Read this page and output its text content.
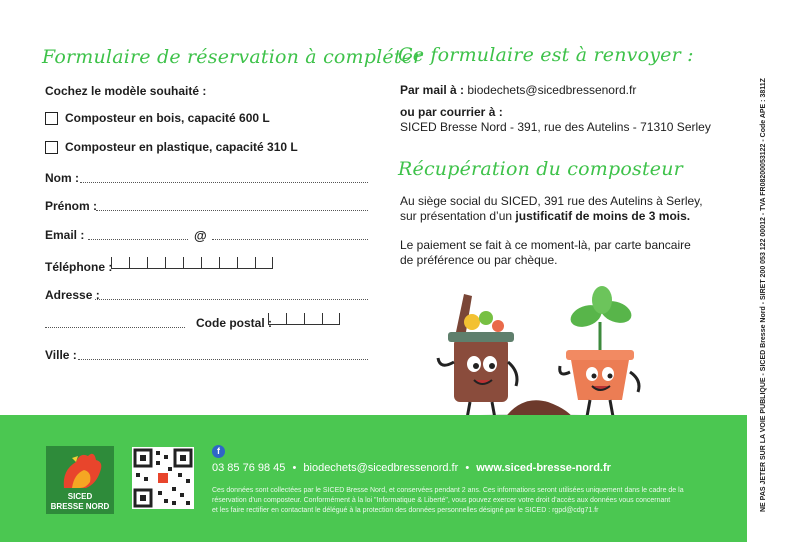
Formulaire de réservation à compléter
Cochez le modèle souhaité :
Composteur en bois, capacité 600 L
Composteur en plastique, capacité 310 L
Nom :
Prénom :
Email :	@
Téléphone :
Adresse :
Code postal :
Ville :
Ce formulaire est à renvoyer :
Par mail à : biodechets@sicedbressenord.fr
ou par courrier à :
SICED Bresse Nord - 391, rue des Autelins - 71310 Serley
Récupération du composteur
Au siège social du SICED, 391 rue des Autelins à Serley,
sur présentation d’un justificatif de moins de 3 mois.
Le paiement se fait à ce moment-là, par carte bancaire
de préférence ou par chèque.
SICED
BRESSE NORD
f
03 85 76 98 45 • biodechets@sicedbressenord.fr • www.siced-bresse-nord.fr
Ces données sont collectées par le SICED Bresse Nord, et conservées pendant 2 ans. Ces informations seront utilisées uniquement dans le cadre de la
réservation d'un composteur. Conformément à la loi "Informatique & Liberté", vous pouvez exercer votre droit d'accès aux données vous concernant
et les faire rectifier en contactant le délégué à la protection des données personnelles désigné par le SICED : rgpd@cdg71.fr	NE PAS JETER SUR LA VOIE PUBLIQUE - SICED Bresse Nord - SIRET 200 053 122 00012 - TVA FR08200053122 - Code APE : 3811Z
